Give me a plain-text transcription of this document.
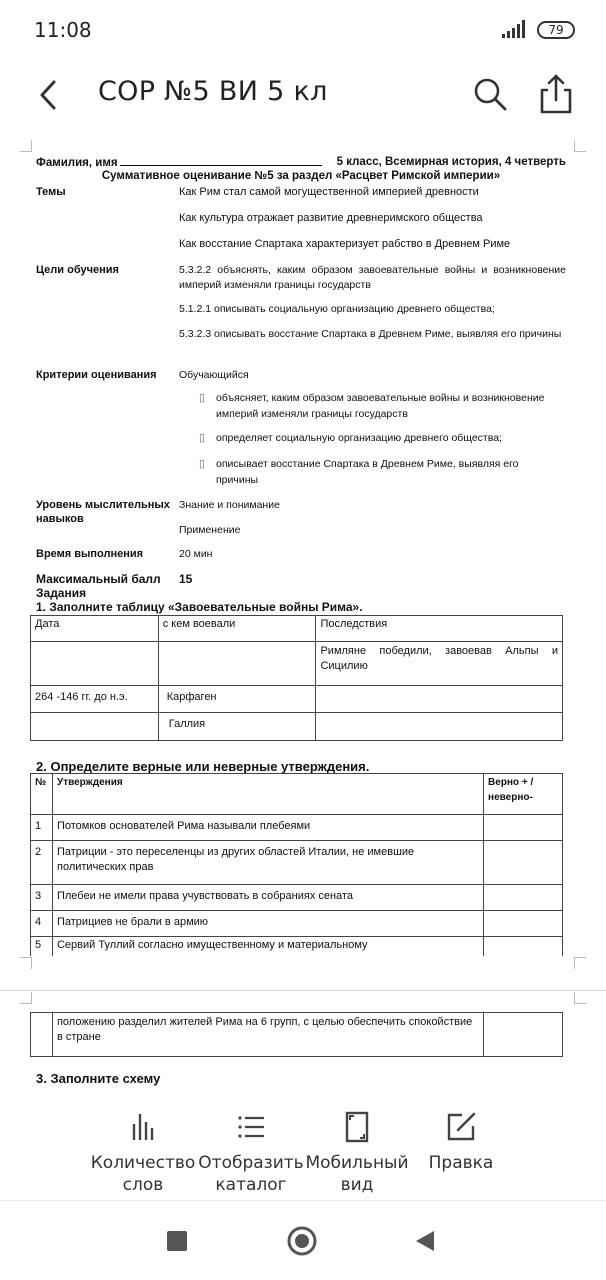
11:08	79
СОР №5 ВИ 5 кл
Фамилия, имя	5 класс, Всемирная история, 4 четверть
Суммативное оценивание №5 за раздел «Расцвет Римской империи»
Темы	Как Рим стал самой могущественной империей древности
Как культура отражает развитие древнеримского общества
Как восстание Спартака характеризует рабство в Древнем Риме
Цели обучения	5.3.2.2 объяснять, каким образом завоевательные войны и возникновение империй изменяли границы государств
5.1.2.1 описывать социальную организацию древнего общества;
5.3.2.3 описывать восстание Спартака в Древнем Риме, выявляя его причины
Критерии оценивания	Обучающийся
▯ объясняет, каким образом завоевательные войны и возникновение империй изменяли границы государств
▯ определяет социальную организацию древнего общества;
▯ описывает восстание Спартака в Древнем Риме, выявляя его причины
Уровень мыслительных навыков
Знание и понимание
Применение
Время выполнения	20 мин
Максимальный балл	15
Задания
1. Заполните таблицу «Завоевательные войны Рима».
Дата	с кем воевали	Последствия
		Римляне победили, завоевав Альпы и Сицилию
264 -146 гг. до н.э.	Карфаген	
	Галлия	
2. Определите верные или неверные утверждения.
№	Утверждения	Верно + /неверно-
1	Потомков основателей Рима называли плебеями	
2	Патриции - это переселенцы из других областей Италии, не имевшие политических прав	
3	Плебеи не имели права учувствовать в собраниях сената	
4	Патрициев не брали в армию	
5	Сервий Туллий согласно имущественному и материальному	
	положению разделил жителей Рима на 6 групп, с целью обеспечить спокойствие в стране	
3. Заполните схему
Количество слов
Отобразить каталог
Мобильный вид
Правка
